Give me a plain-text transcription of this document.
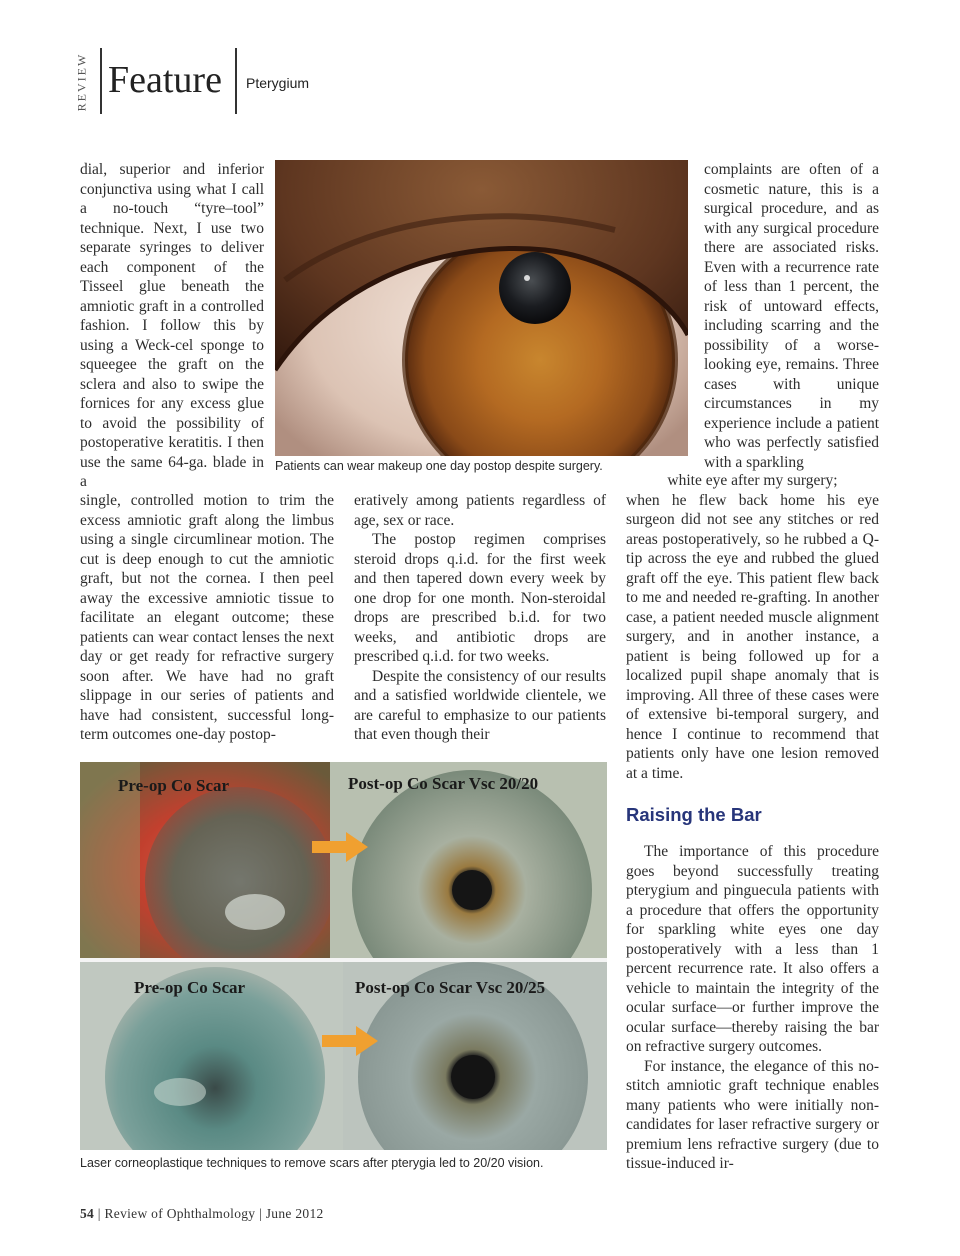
REVIEW Feature Pterygium
dial, superior and inferior conjunctiva using what I call a no-touch “tyre–tool” technique. Next, I use two separate syringes to deliver each component of the Tisseel glue beneath the amniotic graft in a controlled fashion. I follow this by using a Weck-cel sponge to squeegee the graft on the sclera and also to swipe the fornices for any excess glue to avoid the possibility of postoperative keratitis. I then use the same 64-ga. blade in a
single, controlled motion to trim the excess amniotic graft along the limbus using a single circumlinear motion. The cut is deep enough to cut the amniotic graft, but not the cornea. I then peel away the excessive amniotic tissue to facilitate an elegant outcome; these patients can wear contact lenses the next day or get ready for refractive surgery soon after. We have had no graft slippage in our series of patients and have had consistent, successful long-term outcomes one-day postop-

eratively among patients regardless of age, sex or race.

The postop regimen comprises steroid drops q.i.d. for the first week and then tapered down every week by one drop for one month. Non-steroidal drops are prescribed b.i.d. for two weeks, and antibiotic drops are prescribed q.i.d. for two weeks.

Despite the consistency of our results and a satisfied worldwide clientele, we are careful to emphasize to our patients that even though their

complaints are often of a cosmetic nature, this is a surgical procedure, and as with any surgical procedure there are associated risks. Even with a recurrence rate of less than 1 percent, the risk of untoward effects, including scarring and the possibility of a worse-looking eye, remains. Three cases with unique circumstances in my experience include a patient who was perfectly satisfied with a sparkling

white eye after my surgery;

when he flew back home his eye surgeon did not see any stitches or red areas postoperatively, so he rubbed a Q-tip across the eye and rubbed the glued graft off the eye. This patient flew back to me and needed re-grafting. In another case, a patient needed muscle alignment surgery, and in another instance, a patient is being followed up for a localized pupil shape anomaly that is improving. All three of these cases were of extensive bi-temporal surgery, and hence I continue to recommend that patients only have one lesion removed at a time.

Raising the Bar

The importance of this procedure goes beyond successfully treating pterygium and pinguecula patients with a procedure that offers the opportunity for sparkling white eyes one day postoperatively with a less than 1 percent recurrence rate. It also offers a vehicle to maintain the integrity of the ocular surface—or further improve the ocular surface—thereby raising the bar on refractive surgery outcomes.

For instance, the elegance of this no-stitch amniotic graft technique enables many patients who were initially non-candidates for laser refractive surgery or premium lens refractive surgery (due to tissue-induced ir-

Patients can wear makeup one day postop despite surgery.
Pre-op Co Scar	Post-op Co Scar Vsc 20/20
Pre-op Co Scar	Post-op Co Scar Vsc 20/25
Laser corneoplastique techniques to remove scars after pterygia led to 20/20 vision.
54 | Review of Ophthalmology | June 2012
